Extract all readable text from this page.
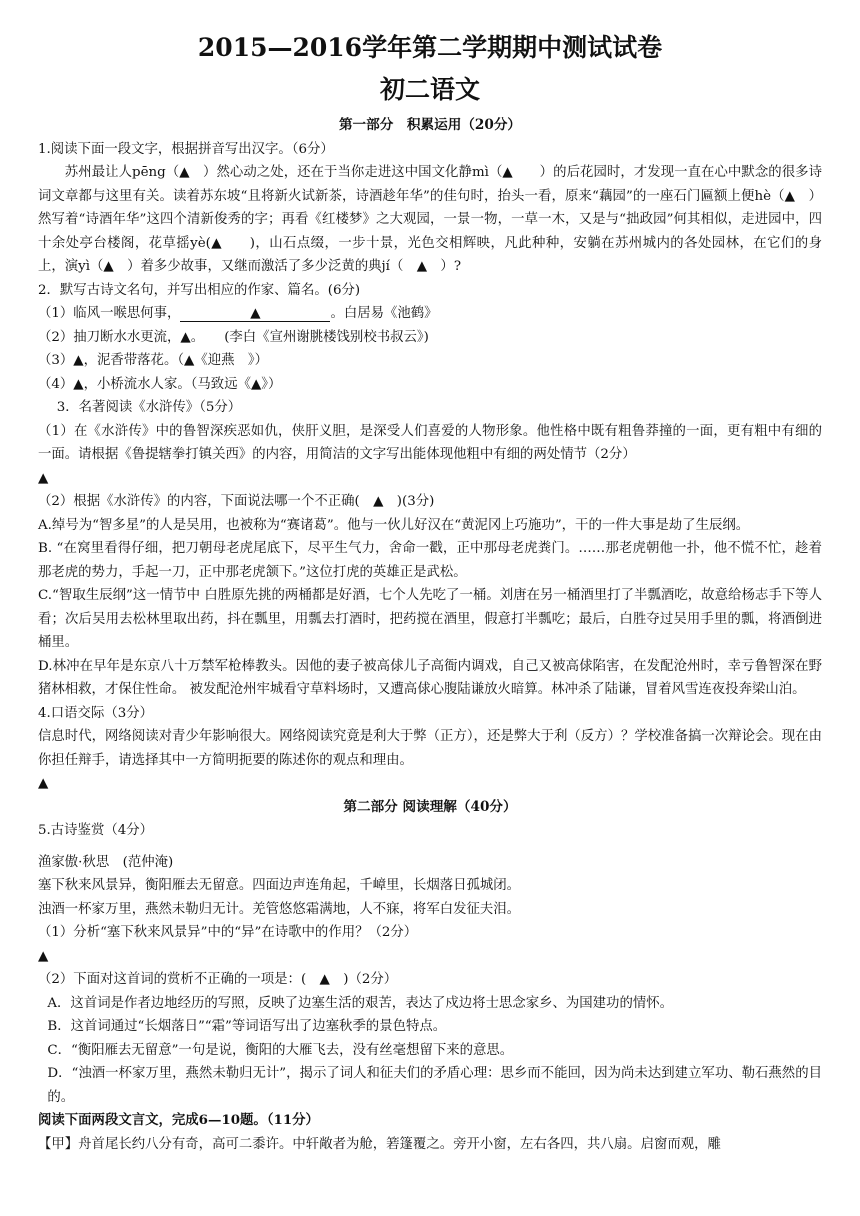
2015—2016学年第二学期期中测试试卷
初二语文

第一部分　积累运用（20分）

1.阅读下面一段文字，根据拼音写出汉字。（6分）

苏州最让人pēng（▲　）然心动之处，还在于当你走进这中国文化静mì（▲　　）的后花园时，才发现一直在心中默念的很多诗词文章都与这里有关。读着苏东坡“且将新火试新茶，诗酒趁年华”的佳句时，抬头一看，原来“藕园”的一座石门匾额上便hè（▲　）然写着“诗酒年华”这四个清新俊秀的字；再看《红楼梦》之大观园，一景一物，一草一木，又是与“拙政园”何其相似，走进园中，四十余处亭台楼阁，花草摇yè(▲　　)，山石点缀，一步十景，光色交相辉映，凡此种种，安躺在苏州城内的各处园林，在它们的身上，演yì（▲　）着多少故事，又继而激活了多少泛黄的典jí（　▲　）?

2．默写古诗文名句，并写出相应的作家、篇名。(6分)

（1）临风一喉思何事，	▲	。白居易《池鹤》

（2）抽刀断水水更流，▲。　　(李白《宣州谢朓楼饯别校书叔云》)

（3）▲，泥香带落花。（▲《迎燕　》）

（4）▲，小桥流水人家。（马致远《▲》）

3．名著阅读《水浒传》（5分）

（1）在《水浒传》中的鲁智深疾恶如仇，侠肝义胆，是深受人们喜爱的人物形象。他性格中既有粗鲁莽撞的一面，更有粗中有细的一面。请根据《鲁提辖拳打镇关西》的内容，用简洁的文字写出能体现他粗中有细的两处情节（2分）

▲

（2）根据《水浒传》的内容，下面说法哪一个不正确(　▲　)(3分)

A.绰号为“智多星”的人是吴用，也被称为“赛诸葛”。他与一伙儿好汉在“黄泥冈上巧施功”，干的一件大事是劫了生辰纲。

B. “在窝里看得仔细，把刀朝母老虎尾底下，尽平生气力，舍命一戳，正中那母老虎粪门。……那老虎朝他一扑，他不慌不忙，趁着那老虎的势力，手起一刀，正中那老虎颔下。”这位打虎的英雄正是武松。

C.“智取生辰纲”这一情节中 白胜原先挑的两桶都是好酒，七个人先吃了一桶。刘唐在另一桶酒里打了半瓢酒吃，故意给杨志手下等人看；次后吴用去松林里取出药，抖在瓢里，用瓢去打酒时，把药搅在酒里，假意打半瓢吃；最后，白胜夺过吴用手里的瓢，将酒倒进桶里。

D.林冲在早年是东京八十万禁军枪棒教头。因他的妻子被高俅儿子高衙内调戏，自己又被高俅陷害，在发配沧州时，幸亏鲁智深在野猪林相救，才保住性命。 被发配沧州牢城看守草料场时，又遭高俅心腹陆谦放火暗算。林冲杀了陆谦，冒着风雪连夜投奔梁山泊。

4.口语交际（3分）

信息时代，网络阅读对青少年影响很大。网络阅读究竟是利大于弊（正方），还是弊大于利（反方）？学校准备搞一次辩论会。现在由你担任辩手，请选择其中一方简明扼要的陈述你的观点和理由。

▲

第二部分 阅读理解（40分）

5.古诗鉴赏（4分）

渔家傲·秋思　(范仲淹)

塞下秋来风景异，衡阳雁去无留意。四面边声连角起，千嶂里，长烟落日孤城闭。

浊酒一杯家万里，燕然未勒归无计。羌管悠悠霜满地，人不寐，将军白发征夫泪。

（1）分析“塞下秋来风景异”中的“异”在诗歌中的作用？（2分）

▲

（2）下面对这首词的赏析不正确的一项是：(　▲　)（2分）

A．这首词是作者边地经历的写照，反映了边塞生活的艰苦，表达了戍边将士思念家乡、为国建功的情怀。

B．这首词通过“长烟落日”“霜”等词语写出了边塞秋季的景色特点。

C．“衡阳雁去无留意”一句是说，衡阳的大雁飞去，没有丝毫想留下来的意思。

D．“浊酒一杯家万里，燕然未勒归无计”，揭示了词人和征夫们的矛盾心理：思乡而不能回，因为尚未达到建立军功、勒石燕然的目的。

阅读下面两段文言文，完成6—10题。（11分）

【甲】舟首尾长约八分有奇，高可二黍许。中轩敞者为舱，箬篷覆之。旁开小窗，左右各四，共八扇。启窗而观，雕
